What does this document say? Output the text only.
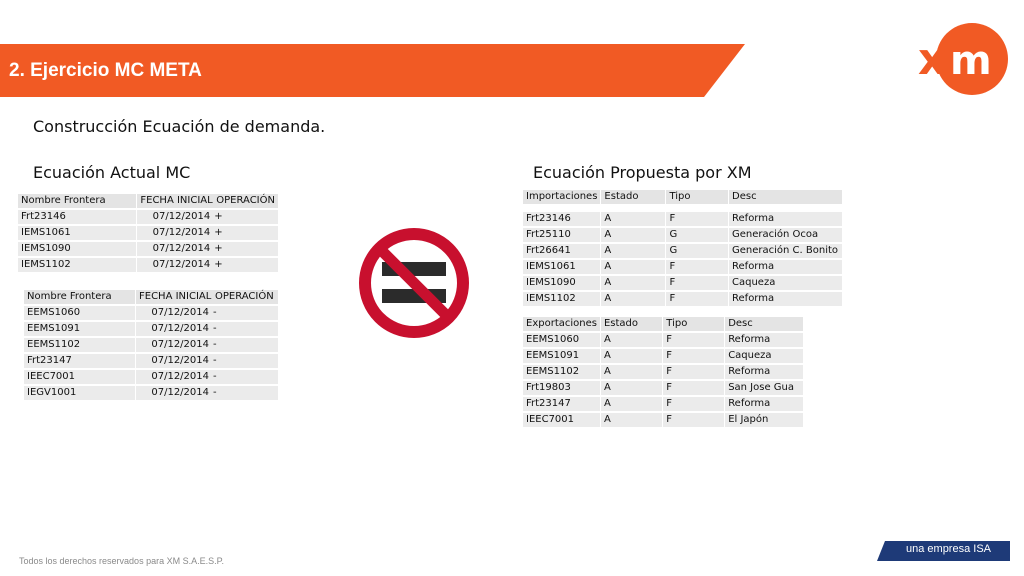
2. Ejercicio MC META	x m
Construcción Ecuación de demanda.
Ecuación Actual MC	Ecuación Propuesta por XM
Nombre Frontera	FECHA INICIAL	OPERACIÓN
Frt23146	07/12/2014	+
IEMS1061	07/12/2014	+
IEMS1090	07/12/2014	+
IEMS1102	07/12/2014	+
Nombre Frontera	FECHA INICIAL	OPERACIÓN
EEMS1060	07/12/2014	-
EEMS1091	07/12/2014	-
EEMS1102	07/12/2014	-
Frt23147	07/12/2014	-
IEEC7001	07/12/2014	-
IEGV1001	07/12/2014	-
Importaciones	Estado	Tipo	Desc

Frt23146	A	F	Reforma
Frt25110	A	G	Generación Ocoa
Frt26641	A	G	Generación C. Bonito
IEMS1061	A	F	Reforma
IEMS1090	A	F	Caqueza
IEMS1102	A	F	Reforma
Exportaciones	Estado	Tipo	Desc
EEMS1060	A	F	Reforma
EEMS1091	A	F	Caqueza
EEMS1102	A	F	Reforma
Frt19803	A	F	San Jose Gua
Frt23147	A	F	Reforma
IEEC7001	A	F	El Japón
Todos los derechos reservados para XM S.A.E.S.P.
una empresa ISA
